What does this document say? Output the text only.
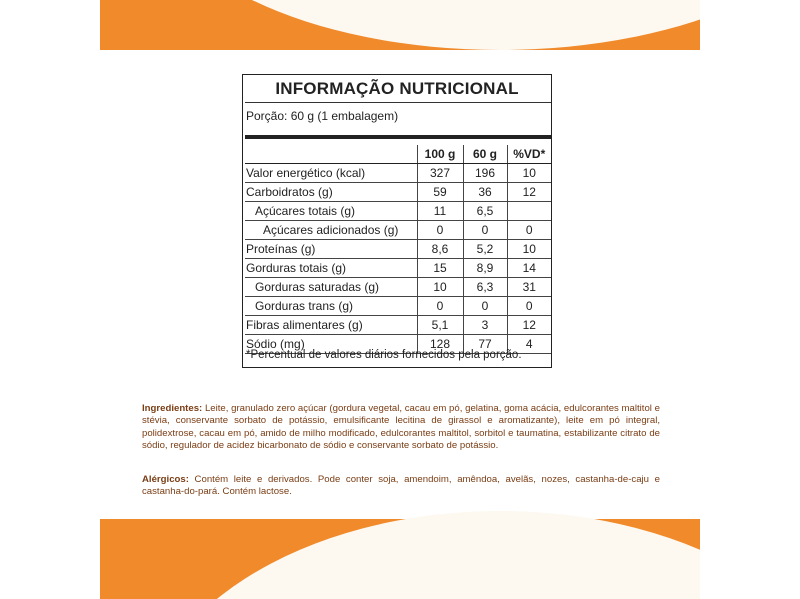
INFORMAÇÃO NUTRICIONAL
Porção: 60 g (1 embalagem)
	100 g	60 g	%VD*
Valor energético (kcal)	327	196	10
Carboidratos (g)	59	36	12
Açúcares totais (g)	11	6,5	
Açúcares adicionados (g)	0	0	0
Proteínas (g)	8,6	5,2	10
Gorduras totais (g)	15	8,9	14
Gorduras saturadas (g)	10	6,3	31
Gorduras trans (g)	0	0	0
Fibras alimentares (g)	5,1	3	12
Sódio (mg)	128	77	4
*Percentual de valores diários fornecidos pela porção.
Ingredientes: Leite, granulado zero açúcar (gordura vegetal, cacau em pó, gelatina, goma acácia, edulcorantes maltitol e stévia, conservante sorbato de potássio, emulsificante lecitina de girassol e aromatizante), leite em pó integral, polidextrose, cacau em pó, amido de milho modificado, edulcorantes maltitol, sorbitol e taumatina, estabilizante citrato de sódio, regulador de acidez bicarbonato de sódio e conservante sorbato de potássio.
Alérgicos: Contém leite e derivados. Pode conter soja, amendoim, amêndoa, avelãs, nozes, castanha-de-caju e castanha-do-pará. Contém lactose.
